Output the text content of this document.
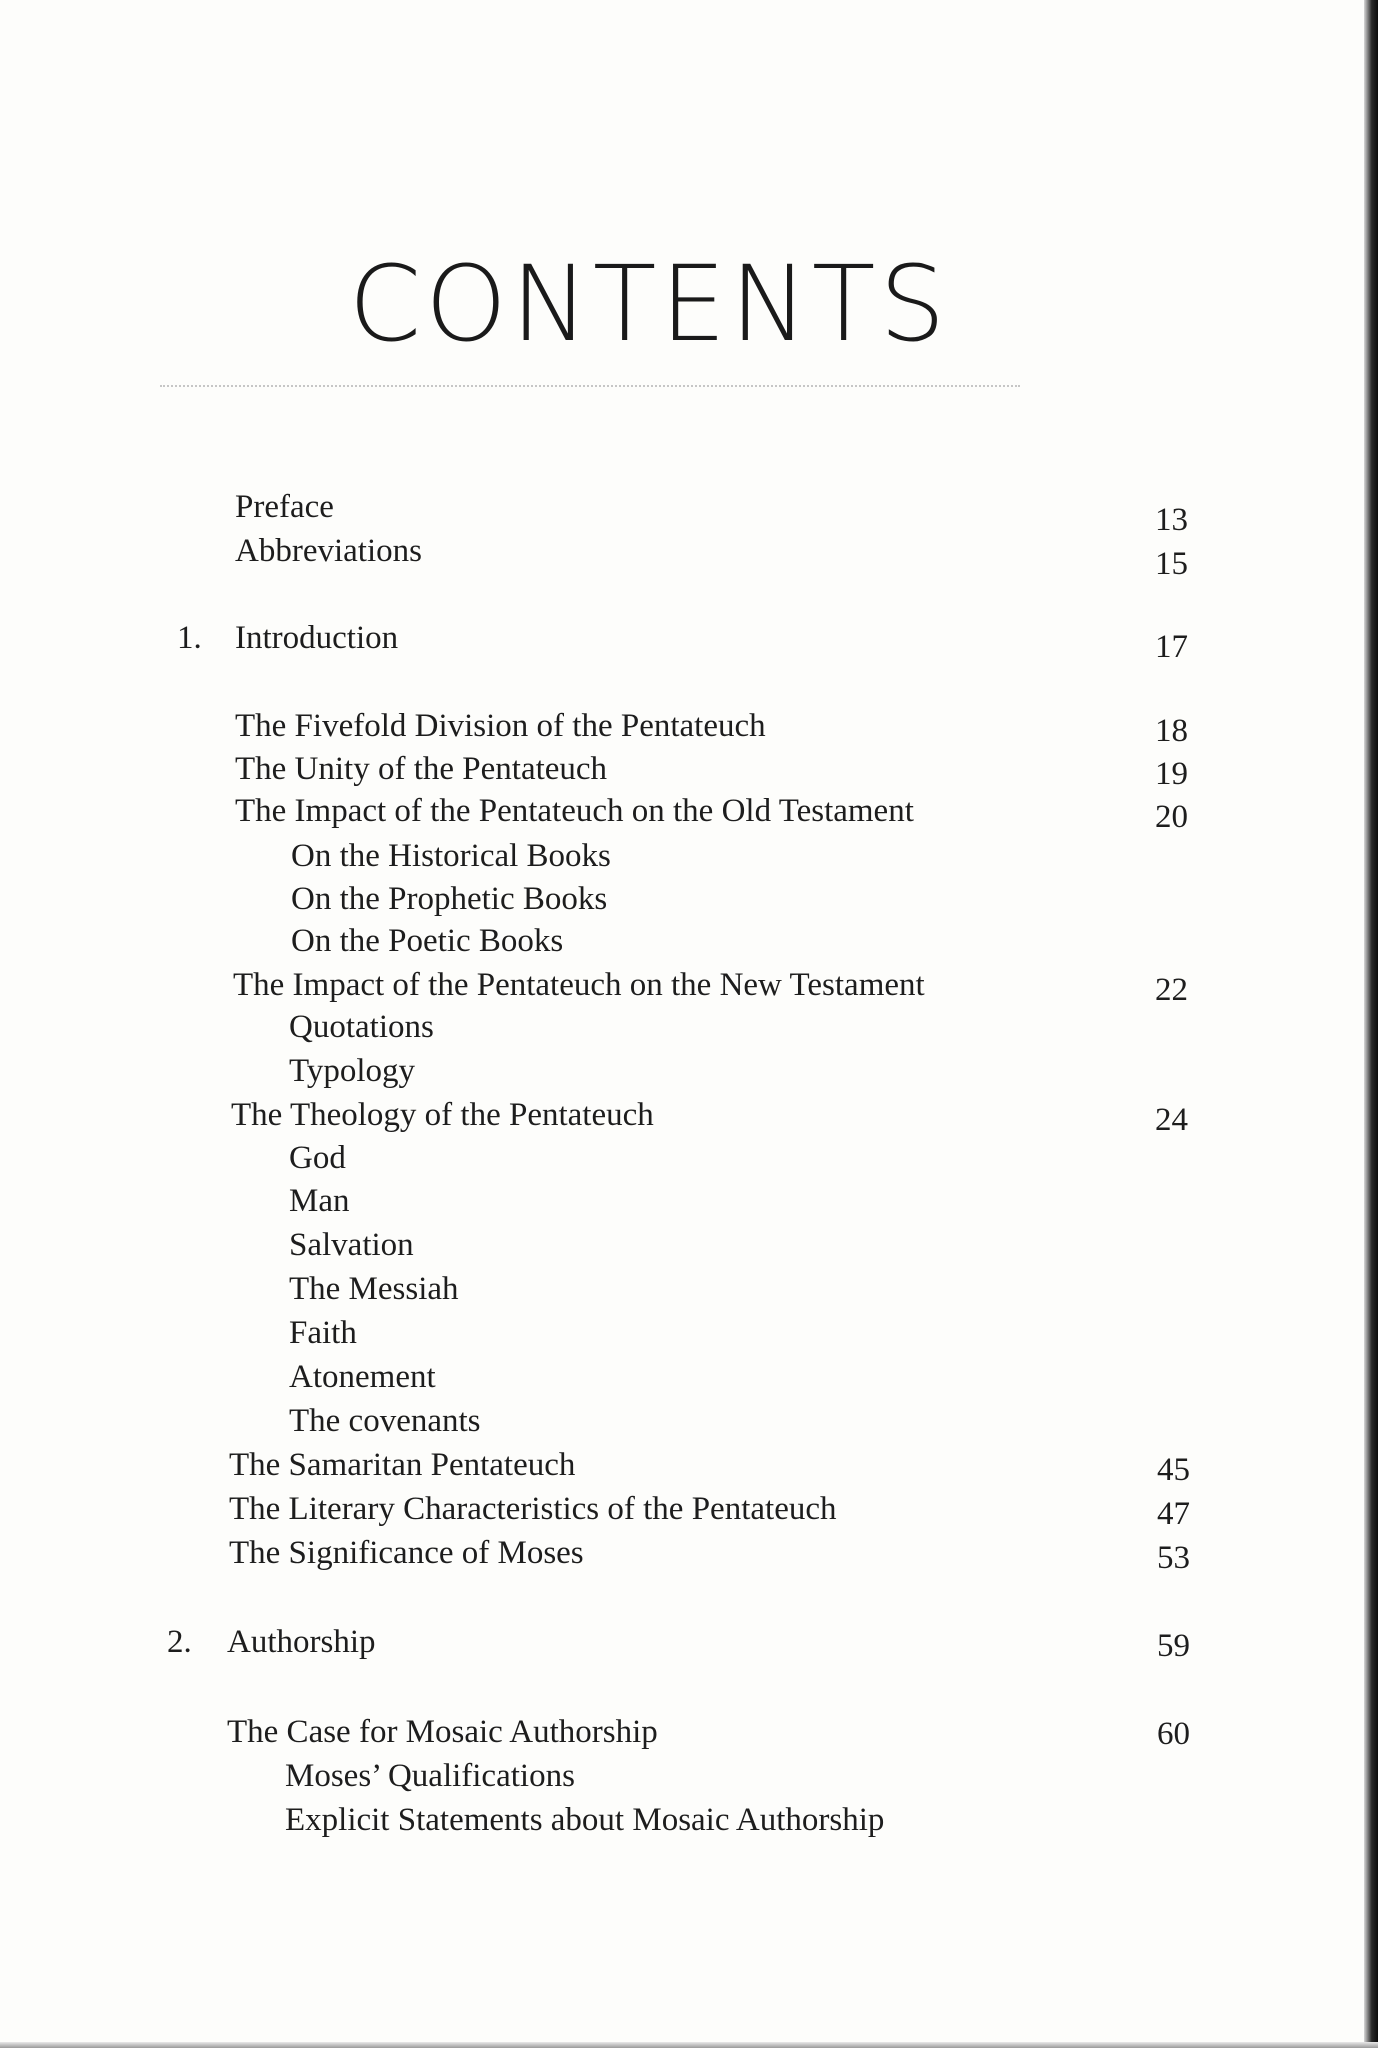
CONTENTS
Preface	13
Abbreviations	15
1. Introduction	17
The Fivefold Division of the Pentateuch	18
The Unity of the Pentateuch	19
The Impact of the Pentateuch on the Old Testament	20
On the Historical Books
On the Prophetic Books
On the Poetic Books
The Impact of the Pentateuch on the New Testament	22
Quotations
Typology
The Theology of the Pentateuch	24
God
Man
Salvation
The Messiah
Faith
Atonement
The covenants
The Samaritan Pentateuch	45
The Literary Characteristics of the Pentateuch	47
The Significance of Moses	53
2. Authorship	59
The Case for Mosaic Authorship	60
Moses’ Qualifications
Explicit Statements about Mosaic Authorship
